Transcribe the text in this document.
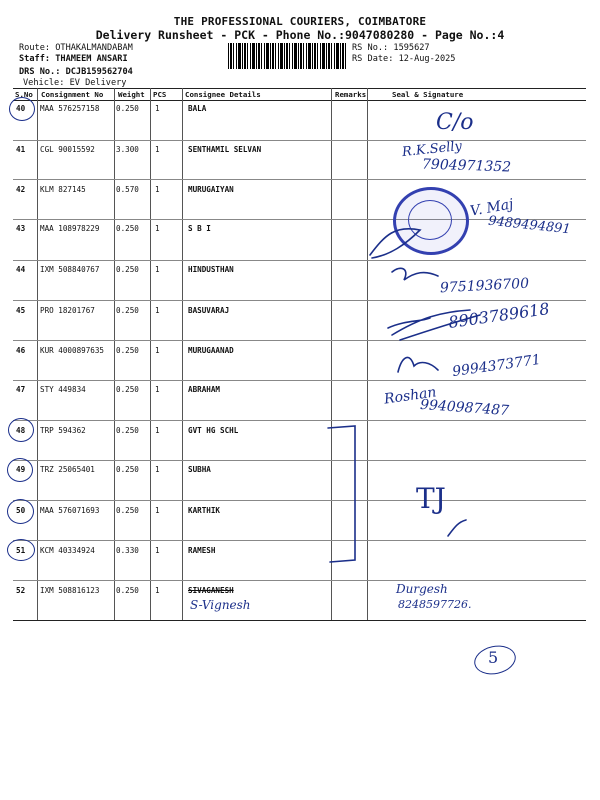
THE PROFESSIONAL COURIERS, COIMBATORE
Delivery Runsheet - PCK - Phone No.:9047080280 - Page No.:4
Route: OTHAKALMANDABAM
Staff: THAMEEM ANSARI
DRS No.: DCJB159562704
Vehicle: EV Delivery
RS No.: 1595627
RS Date: 12-Aug-2025
S.No Consignment No Weight PCS	Consignee Details	Remarks	Seal & Signature
40 MAA 576257158 0.250 1	BALA
41 CGL 90015592	3.300 1	SENTHAMIL SELVAN
42 KLM 827145	0.570 1	MURUGAIYAN
43 MAA 108978229 0.250 1	S B I
44 IXM 508840767 0.250 1	HINDUSTHAN
45 PRO 18201767	0.250 1	BASUVARAJ
46 KUR 4000897635 0.250 1	MURUGAANAD
47 STY 449834	0.250 1	ABRAHAM
48 TRP 594362	0.250 1	GVT HG SCHL
49 TRZ 25065401	0.250 1	SUBHA
50 MAA 576071693 0.250 1	KARTHIK
51 KCM 40334924	0.330 1	RAMESH
52 IXM 508816123 0.250 1	SIVAGANESH
C/o
R.K.Selly
7904971352
V. Maj
9489494891
9751936700
8903789618
9994373771
Roshan
9940987487
TJ
S-Vignesh
Durgesh
8248597726.
5
